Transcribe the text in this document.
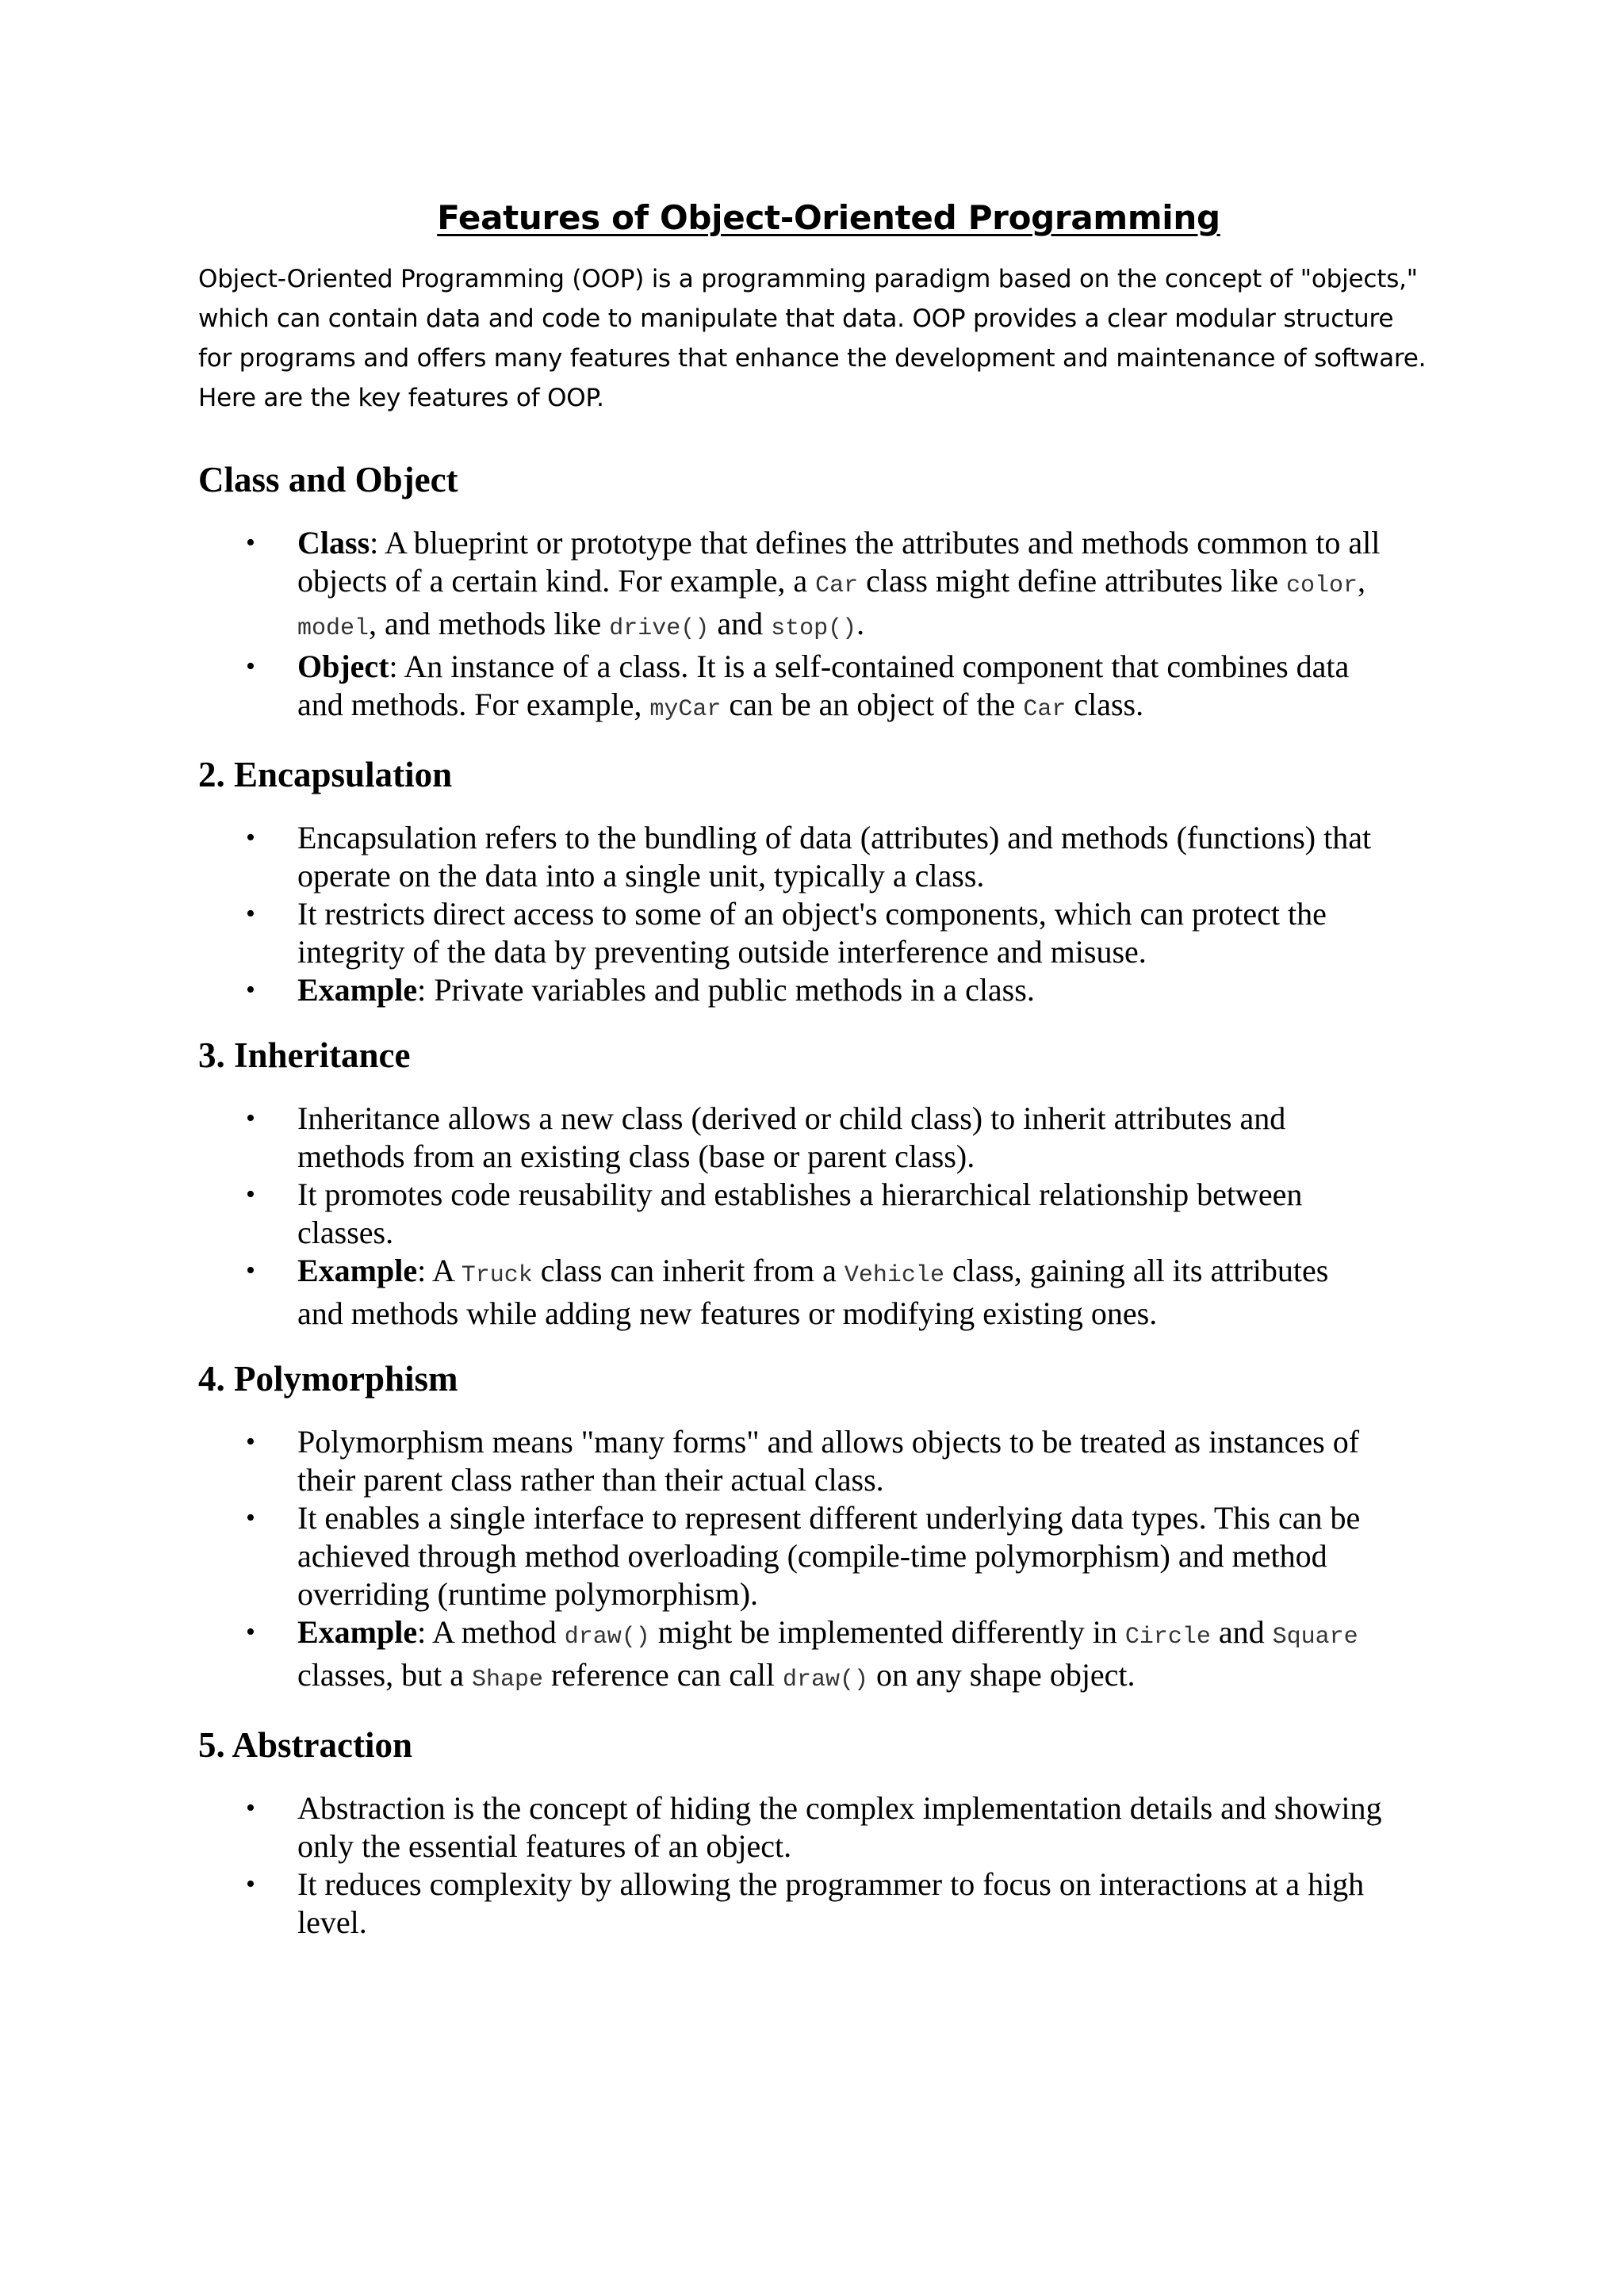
Features of Object-Oriented Programming

Object-Oriented Programming (OOP) is a programming paradigm based on the concept of "objects,"
which can contain data and code to manipulate that data. OOP provides a clear modular structure
for programs and offers many features that enhance the development and maintenance of software.
Here are the key features of OOP.

Class and Object
• Class: A blueprint or prototype that defines the attributes and methods common to all
objects of a certain kind. For example, a Car class might define attributes like color,
model, and methods like drive() and stop().
• Object: An instance of a class. It is a self-contained component that combines data
and methods. For example, myCar can be an object of the Car class.
2. Encapsulation
• Encapsulation refers to the bundling of data (attributes) and methods (functions) that
operate on the data into a single unit, typically a class.
• It restricts direct access to some of an object's components, which can protect the
integrity of the data by preventing outside interference and misuse.
• Example: Private variables and public methods in a class.
3. Inheritance
• Inheritance allows a new class (derived or child class) to inherit attributes and
methods from an existing class (base or parent class).
• It promotes code reusability and establishes a hierarchical relationship between
classes.
• Example: A Truck class can inherit from a Vehicle class, gaining all its attributes
and methods while adding new features or modifying existing ones.
4. Polymorphism
• Polymorphism means "many forms" and allows objects to be treated as instances of
their parent class rather than their actual class.
• It enables a single interface to represent different underlying data types. This can be
achieved through method overloading (compile-time polymorphism) and method
overriding (runtime polymorphism).
• Example: A method draw() might be implemented differently in Circle and Square
classes, but a Shape reference can call draw() on any shape object.
5. Abstraction
• Abstraction is the concept of hiding the complex implementation details and showing
only the essential features of an object.
• It reduces complexity by allowing the programmer to focus on interactions at a high
level.
